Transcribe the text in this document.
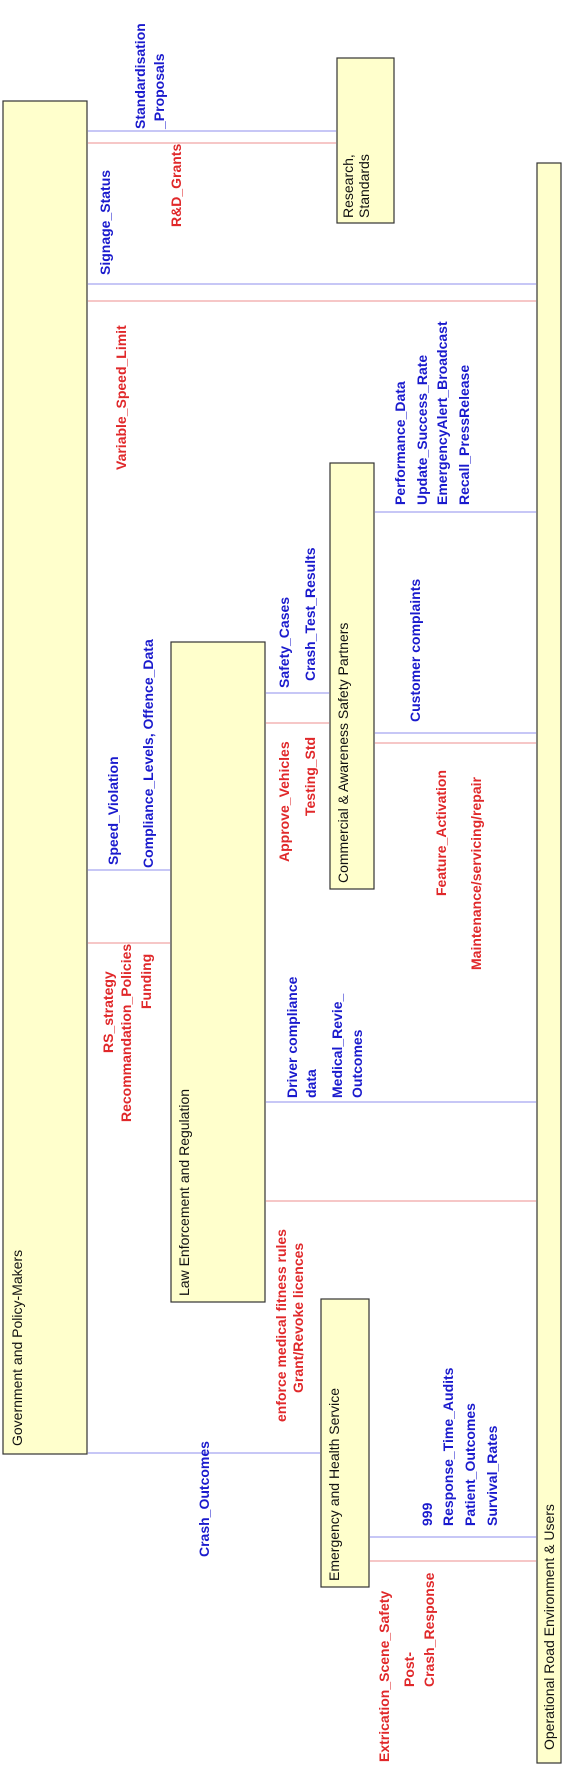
Government and Policy-Makers
Research, Standards
Operational Road Environment & Users
Law Enforcement and Regulation
Commercial & Awareness Safety Partners
Emergency and Health Service
Standardisation _Proposals
R&D_Grants
Signage_Status
Variable_Speed_Limit	Performance_Data Update_Success_Rate EmergencyAlert_Broadcast Recall_PressRelease
Customer complaints
Feature_Activation Maintenance/servicing/repair
Safety_Cases Crash_Test_Results
Approve_Vehicles Testing_Std
Compliance_Levels, Offence_Data
Speed_Violation
RS_strategy Recommandation_Policies Funding	Driver compliance data Medical_Revie_ Outcomes
enforce medical fitness rules Grant/Revoke licences
Crash_Outcomes	999 Response_Time_Audits Patient_Outcomes Survival_Rates
Extrication_Scene_Safety Post- Crash_Response
